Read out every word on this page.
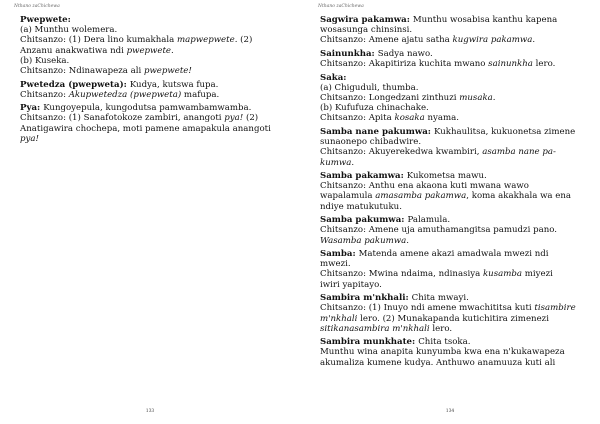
Nthano zaChichewa
Pwepwete:
(a) Munthu wolemera.
Chitsanzo: (1) Dera lino kumakhala mapwepwete. (2)
Anzanu anakwatiwa ndi pwepwete.
(b) Kuseka.
Chitsanzo: Ndinawapeza ali pwepwete!
Pwetedza (pwepweta): Kudya, kutswa fupa.
Chitsanzo: Akupwetedza (pwepweta) mafupa.
Pya: Kungoyepula, kungodutsa pamwambamwamba.
Chitsanzo: (1) Sanafotokoze zambiri, anangoti pya! (2)
Anatigawira chochepa, moti pamene amapakula anangoti
pya!
133
Nthano zaChichewa
Sagwira pakamwa: Munthu wosabisa kanthu kapena
wosasunga chinsinsi.
Chitsanzo: Amene ajatu satha kugwira pakamwa.
Sainunkha: Sadya nawo.
Chitsanzo: Akapitiriza kuchita mwano sainunkha lero.
Saka:
(a) Chiguduli, thumba.
Chitsanzo: Longedzani zinthuzi musaka.
(b) Kufufuza chinachake.
Chitsanzo: Apita kosaka nyama.
Samba nane pakumwa: Kukhaulitsa, kukuonetsa zimene
sunaonepo chibadwire.
Chitsanzo: Akuyerekedwa kwambiri, asamba nane pa-
kumwa.
Samba pakamwa: Kukometsa mawu.
Chitsanzo: Anthu ena akaona kuti mwana wawo
wapalamula amasamba pakamwa, koma akakhala wa ena
ndiye matukutuku.
Samba pakumwa: Palamula.
Chitsanzo: Amene uja amuthamangitsa pamudzi pano.
Wasamba pakumwa.
Samba: Matenda amene akazi amadwala mwezi ndi
mwezi.
Chitsanzo: Mwina ndaima, ndinasiya kusamba miyezi
iwiri yapitayo.
Sambira m'nkhali: Chita mwayi.
Chitsanzo: (1) Inuyo ndi amene mwachititsa kuti tisambire
m'nkhali lero. (2) Munakapanda kutichitira zimenezi
sitikanasambira m'nkhali lero.
Sambira munkhate: Chita tsoka.
Munthu wina anapita kunyumba kwa ena n'kukawapeza
akumaliza kumene kudya. Anthuwo anamuuza kuti ali
134
